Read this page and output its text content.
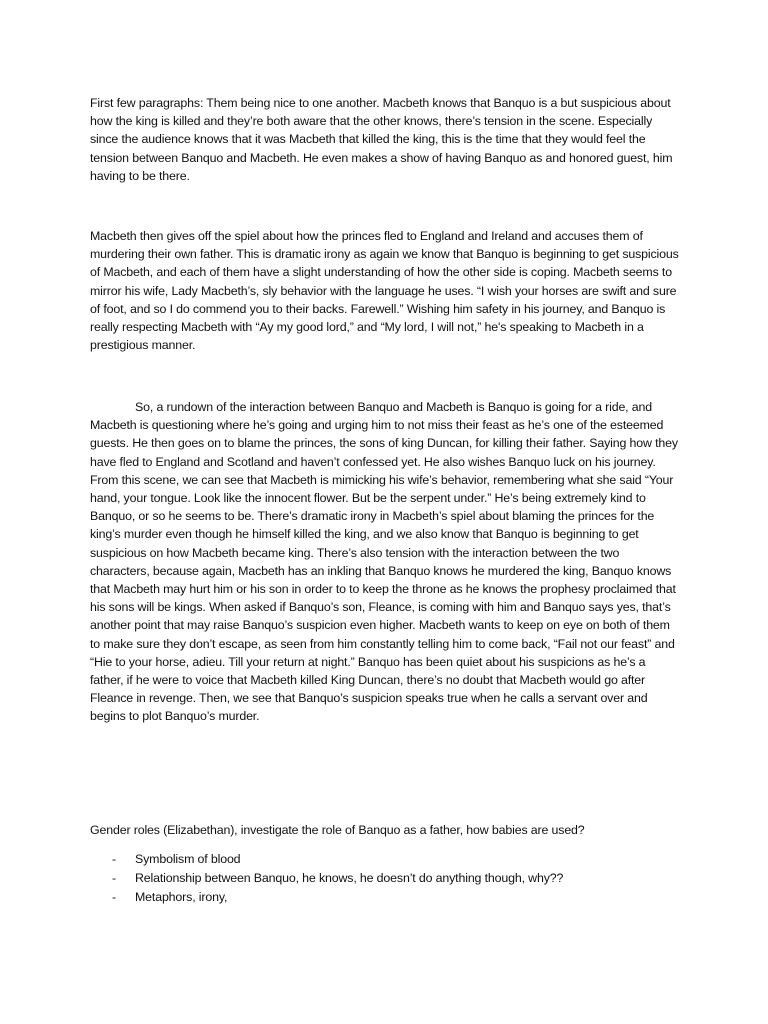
First few paragraphs: Them being nice to one another. Macbeth knows that Banquo is a but suspicious about how the king is killed and they’re both aware that the other knows, there’s tension in the scene. Especially since the audience knows that it was Macbeth that killed the king, this is the time that they would feel the tension between Banquo and Macbeth. He even makes a show of having Banquo as and honored guest, him having to be there.

Macbeth then gives off the spiel about how the princes fled to England and Ireland and accuses them of murdering their own father. This is dramatic irony as again we know that Banquo is beginning to get suspicious of Macbeth, and each of them have a slight understanding of how the other side is coping. Macbeth seems to mirror his wife, Lady Macbeth’s, sly behavior with the language he uses. “I wish your horses are swift and sure of foot, and so I do commend you to their backs. Farewell.” Wishing him safety in his journey, and Banquo is really respecting Macbeth with “Ay my good lord,” and “My lord, I will not,” he's speaking to Macbeth in a prestigious manner.

So, a rundown of the interaction between Banquo and Macbeth is Banquo is going for a ride, and Macbeth is questioning where he’s going and urging him to not miss their feast as he’s one of the esteemed guests. He then goes on to blame the princes, the sons of king Duncan, for killing their father. Saying how they have fled to England and Scotland and haven’t confessed yet. He also wishes Banquo luck on his journey. From this scene, we can see that Macbeth is mimicking his wife’s behavior, remembering what she said “Your hand, your tongue. Look like the innocent flower. But be the serpent under.” He’s being extremely kind to Banquo, or so he seems to be. There’s dramatic irony in Macbeth’s spiel about blaming the princes for the king’s murder even though he himself killed the king, and we also know that Banquo is beginning to get suspicious on how Macbeth became king. There’s also tension with the interaction between the two characters, because again, Macbeth has an inkling that Banquo knows he murdered the king, Banquo knows that Macbeth may hurt him or his son in order to to keep the throne as he knows the prophesy proclaimed that his sons will be kings. When asked if Banquo’s son, Fleance, is coming with him and Banquo says yes, that’s another point that may raise Banquo’s suspicion even higher. Macbeth wants to keep on eye on both of them to make sure they don’t escape, as seen from him constantly telling him to come back, “Fail not our feast” and “Hie to your horse, adieu. Till your return at night.” Banquo has been quiet about his suspicions as he’s a father, if he were to voice that Macbeth killed King Duncan, there’s no doubt that Macbeth would go after Fleance in revenge. Then, we see that Banquo’s suspicion speaks true when he calls a servant over and begins to plot Banquo’s murder.

Gender roles (Elizabethan), investigate the role of Banquo as a father, how babies are used?

- Symbolism of blood
- Relationship between Banquo, he knows, he doesn’t do anything though, why??
- Metaphors, irony,
